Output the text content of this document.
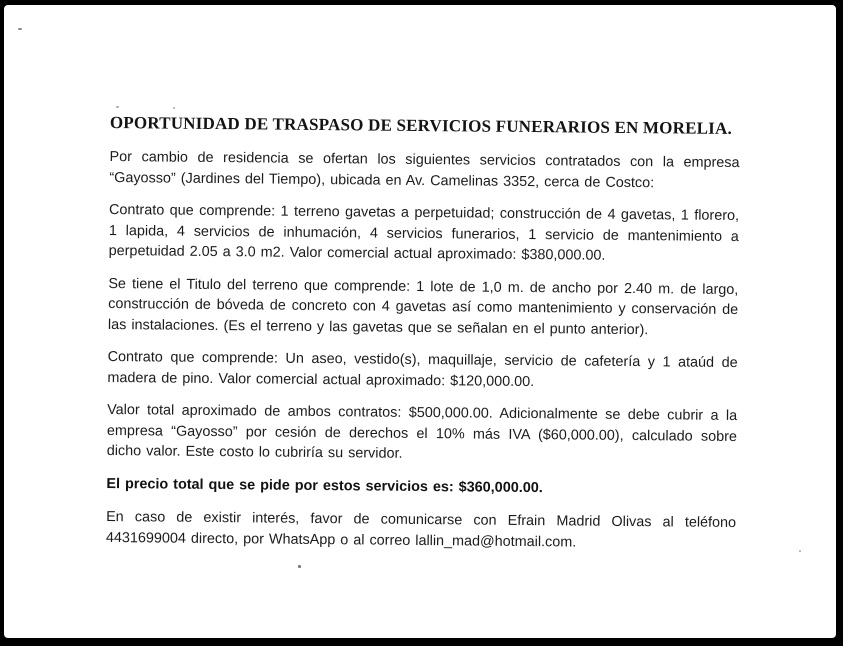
OPORTUNIDAD DE TRASPASO DE SERVICIOS FUNERARIOS EN MORELIA.

Por cambio de residencia se ofertan los siguientes servicios contratados con la empresa “Gayosso” (Jardines del Tiempo), ubicada en Av. Camelinas 3352, cerca de Costco:

Contrato que comprende: 1 terreno gavetas a perpetuidad; construcción de 4 gavetas, 1 florero, 1 lapida, 4 servicios de inhumación, 4 servicios funerarios, 1 servicio de mantenimiento a perpetuidad 2.05 a 3.0 m2. Valor comercial actual aproximado: $380,000.00.

Se tiene el Titulo del terreno que comprende: 1 lote de 1,0 m. de ancho por 2.40 m. de largo, construcción de bóveda de concreto con 4 gavetas así como mantenimiento y conservación de las instalaciones. (Es el terreno y las gavetas que se señalan en el punto anterior).

Contrato que comprende: Un aseo, vestido(s), maquillaje, servicio de cafetería y 1 ataúd de madera de pino. Valor comercial actual aproximado: $120,000.00.

Valor total aproximado de ambos contratos: $500,000.00. Adicionalmente se debe cubrir a la empresa “Gayosso” por cesión de derechos el 10% más IVA ($60,000.00), calculado sobre dicho valor. Este costo lo cubriría su servidor.

El precio total que se pide por estos servicios es: $360,000.00.

En caso de existir interés, favor de comunicarse con Efrain Madrid Olivas al teléfono 4431699004 directo, por WhatsApp o al correo lallin_mad@hotmail.com.
